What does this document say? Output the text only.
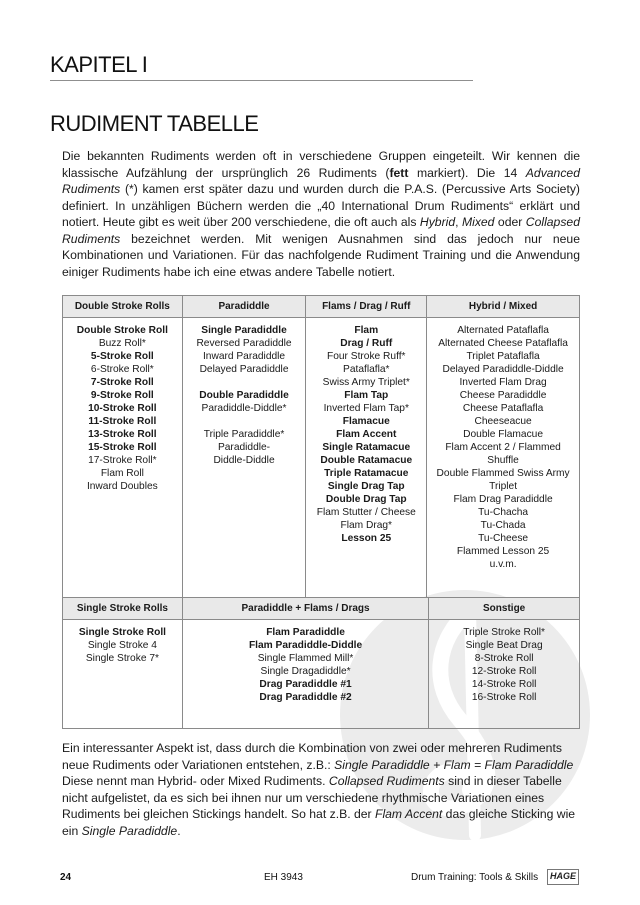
KAPITEL I
RUDIMENT TABELLE
Die bekannten Rudiments werden oft in verschiedene Gruppen eingeteilt. Wir kennen die klassische Aufzählung der ursprünglich 26 Rudiments (fett markiert). Die 14 Advanced Rudiments (*) kamen erst später dazu und wurden durch die P.A.S. (Percussive Arts Society) definiert. In unzähligen Büchern werden die „40 International Drum Rudiments“ erklärt und notiert. Heute gibt es weit über 200 verschiedene, die oft auch als Hybrid, Mixed oder Collapsed Rudiments bezeichnet werden. Mit wenigen Ausnahmen sind das jedoch nur neue Kombinationen und Variationen. Für das nachfolgende Rudiment Training und die Anwendung einiger Rudiments habe ich eine etwas andere Tabelle notiert.
Double Stroke Rolls	Paradiddle	Flams / Drag / Ruff	Hybrid / Mixed

Double Stroke Roll
Buzz Roll*
5-Stroke Roll
6-Stroke Roll*
7-Stroke Roll
9-Stroke Roll
10-Stroke Roll
11-Stroke Roll
13-Stroke Roll
15-Stroke Roll
17-Stroke Roll*
Flam Roll
Inward Doubles

Single Paradiddle
Reversed Paradiddle
Inward Paradiddle
Delayed Paradiddle
Double Paradiddle
Paradiddle-Diddle*
Triple Paradiddle*
Paradiddle-
Diddle-Diddle

Flam
Drag / Ruff
Four Stroke Ruff*
Pataflafla*
Swiss Army Triplet*
Flam Tap
Inverted Flam Tap*
Flamacue
Flam Accent
Single Ratamacue
Double Ratamacue
Triple Ratamacue
Single Drag Tap
Double Drag Tap
Flam Stutter / Cheese
Flam Drag*
Lesson 25

Alternated Pataflafla
Alternated Cheese Pataflafla
Triplet Pataflafla
Delayed Paradiddle-Diddle
Inverted Flam Drag
Cheese Paradiddle
Cheese Pataflafla
Cheeseacue
Double Flamacue
Flam Accent 2 / Flammed
Shuffle
Double Flammed Swiss Army
Triplet
Flam Drag Paradiddle
Tu-Chacha
Tu-Chada
Tu-Cheese
Flammed Lesson 25
u.v.m.
Single Stroke Rolls	Paradiddle + Flams / Drags	Sonstige

Single Stroke Roll
Single Stroke 4
Single Stroke 7*

Flam Paradiddle
Flam Paradiddle-Diddle
Single Flammed Mill*
Single Dragadiddle*
Drag Paradiddle #1
Drag Paradiddle #2

Triple Stroke Roll*
Single Beat Drag
8-Stroke Roll
12-Stroke Roll
14-Stroke Roll
16-Stroke Roll

Ein interessanter Aspekt ist, dass durch die Kombination von zwei oder mehreren Rudiments neue Rudiments oder Variationen entstehen, z.B.: Single Paradiddle + Flam = Flam Paradiddle

Diese nennt man Hybrid- oder Mixed Rudiments. Collapsed Rudiments sind in dieser Tabelle nicht aufgelistet, da es sich bei ihnen nur um verschiedene rhythmische Variationen eines Rudiments bei gleichen Stickings handelt. So hat z.B. der Flam Accent das gleiche Sticking wie ein Single Paradiddle.

24	EH 3943	Drum Training: Tools & Skills	HAGE
